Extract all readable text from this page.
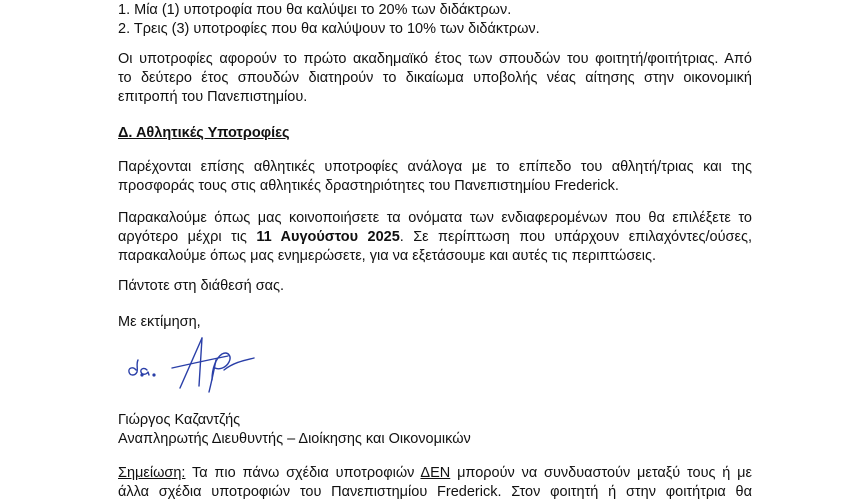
1. Μία (1) υποτροφία που θα καλύψει το 20% των διδάκτρων.
2. Τρεις (3) υποτροφίες που θα καλύψουν το 10% των διδάκτρων.

Οι υποτροφίες αφορούν το πρώτο ακαδημαϊκό έτος των σπουδών του φοιτητή/φοιτήτριας. Από
το δεύτερο έτος σπουδών διατηρούν το δικαίωμα υποβολής νέας αίτησης στην οικονομική
επιτροπή του Πανεπιστημίου.

Δ. Αθλητικές Υποτροφίες

Παρέχονται επίσης αθλητικές υποτροφίες ανάλογα με το επίπεδο του αθλητή/τριας και της
προσφοράς τους στις αθλητικές δραστηριότητες του Πανεπιστημίου Frederick.

Παρακαλούμε όπως μας κοινοποιήσετε τα ονόματα των ενδιαφερομένων που θα επιλέξετε το
αργότερο μέχρι τις 11 Αυγούστου 2025. Σε περίπτωση που υπάρχουν επιλαχόντες/ούσες,
παρακαλούμε όπως μας ενημερώσετε, για να εξετάσουμε και αυτές τις περιπτώσεις.

Πάντοτε στη διάθεσή σας.

Με εκτίμηση,

Γιώργος Καζαντζής

Αναπληρωτής Διευθυντής – Διοίκησης και Οικονομικών

Σημείωση: Τα πιο πάνω σχέδια υποτροφιών ΔΕΝ μπορούν να συνδυαστούν μεταξύ τους ή με
άλλα σχέδια υποτροφιών του Πανεπιστημίου Frederick. Στον φοιτητή ή στην φοιτήτρια θα
